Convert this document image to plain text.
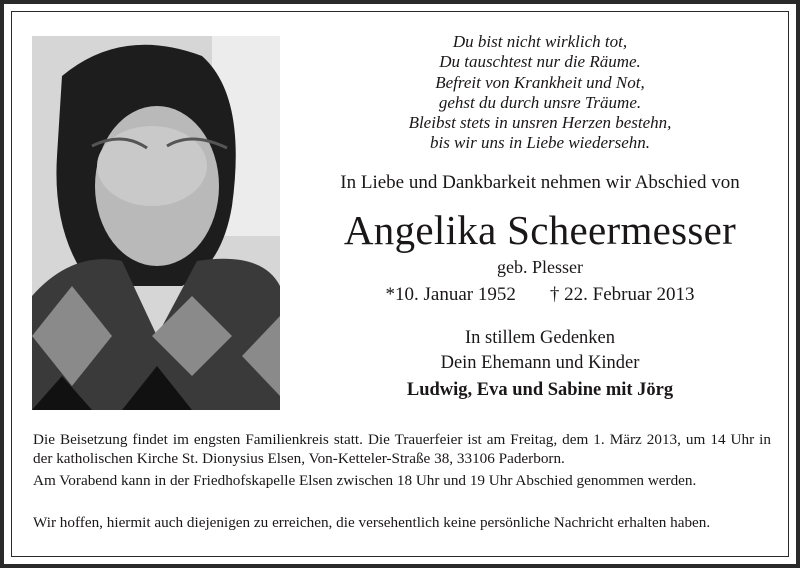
Du bist nicht wirklich tot,
Du tauschtest nur die Räume.
Befreit von Krankheit und Not,
gehst du durch unsre Träume.
Bleibst stets in unsren Herzen bestehn,
bis wir uns in Liebe wiedersehn.
In Liebe und Dankbarkeit nehmen wir Abschied von
Angelika Scheermesser
geb. Plesser
*10. Januar 1952 † 22. Februar 2013
In stillem Gedenken
Dein Ehemann und Kinder
Ludwig, Eva und Sabine mit Jörg
Die Beisetzung findet im engsten Familienkreis statt. Die Trauerfeier ist am Freitag, dem 1. März 2013, um 14 Uhr in der katholischen Kirche St. Dionysius Elsen, Von-Ketteler-Straße 38, 33106 Paderborn.
Am Vorabend kann in der Friedhofskapelle Elsen zwischen 18 Uhr und 19 Uhr Abschied genommen werden.
Wir hoffen, hiermit auch diejenigen zu erreichen, die versehentlich keine persönliche Nachricht erhalten haben.
